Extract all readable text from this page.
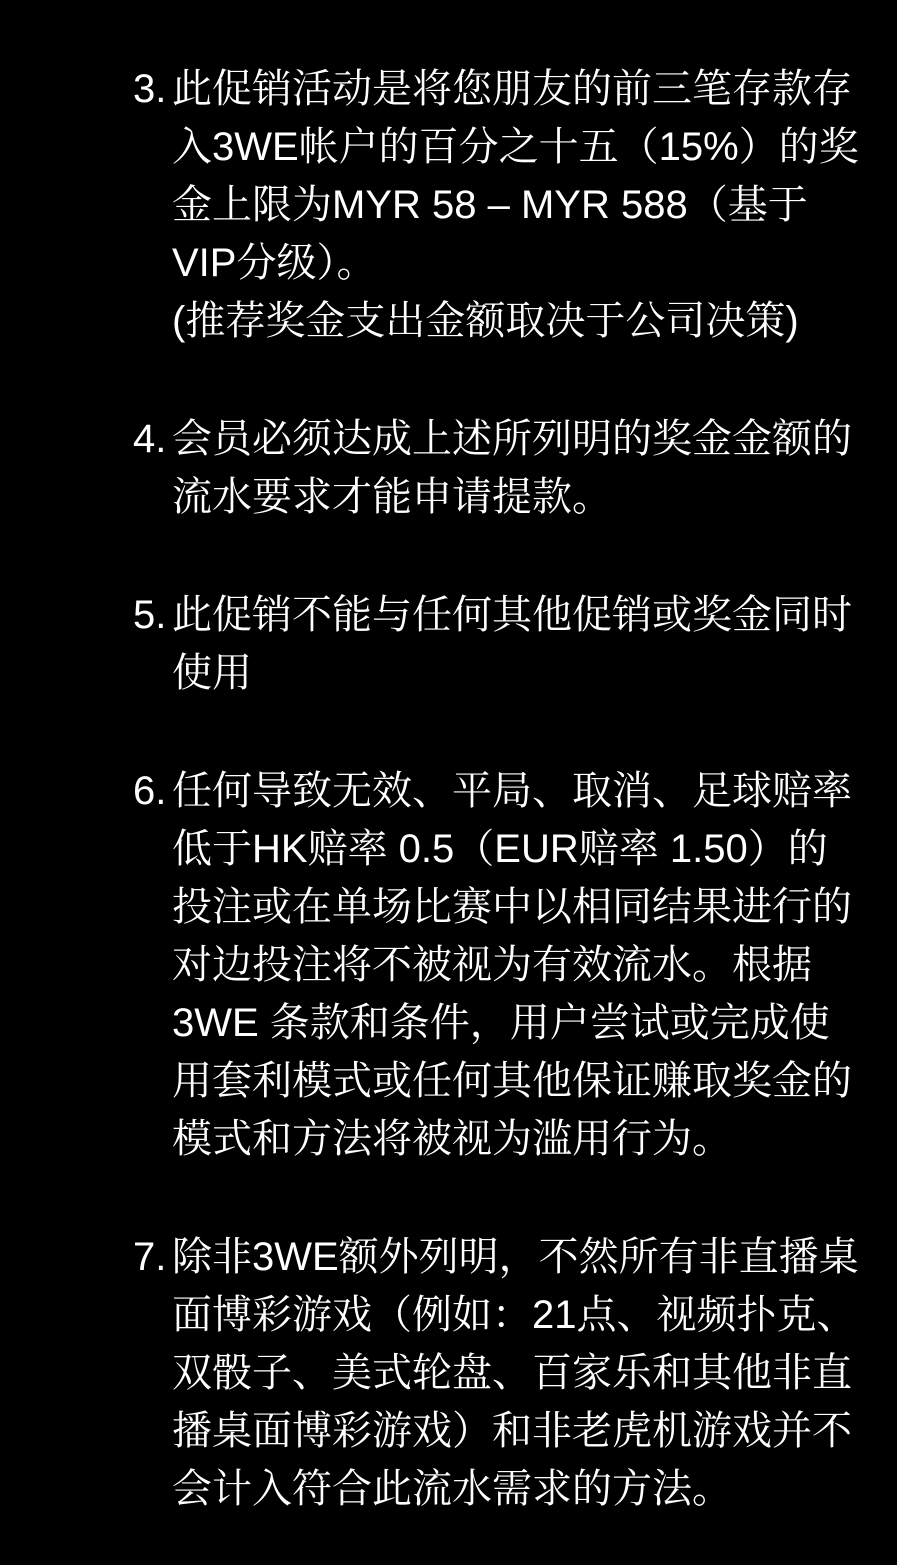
3. 此促销活动是将您朋友的前三笔存款存入3WE帐户的百分之十五（15%）的奖金上限为MYR 58 – MYR 588（基于VIP分级）。

(推荐奖金支出金额取决于公司决策)

4. 会员必须达成上述所列明的奖金金额的流水要求才能申请提款。

5. 此促销不能与任何其他促销或奖金同时使用

6. 任何导致无效、平局、取消、足球赔率低于HK赔率 0.5（EUR赔率 1.50）的投注或在单场比赛中以相同结果进行的对边投注将不被视为有效流水。根据 3WE 条款和条件，用户尝试或完成使用套利模式或任何其他保证赚取奖金的模式和方法将被视为滥用行为。

7. 除非3WE额外列明，不然所有非直播桌面博彩游戏（例如：21点、视频扑克、双骰子、美式轮盘、百家乐和其他非直播桌面博彩游戏）和非老虎机游戏并不会计入符合此流水需求的方法。
